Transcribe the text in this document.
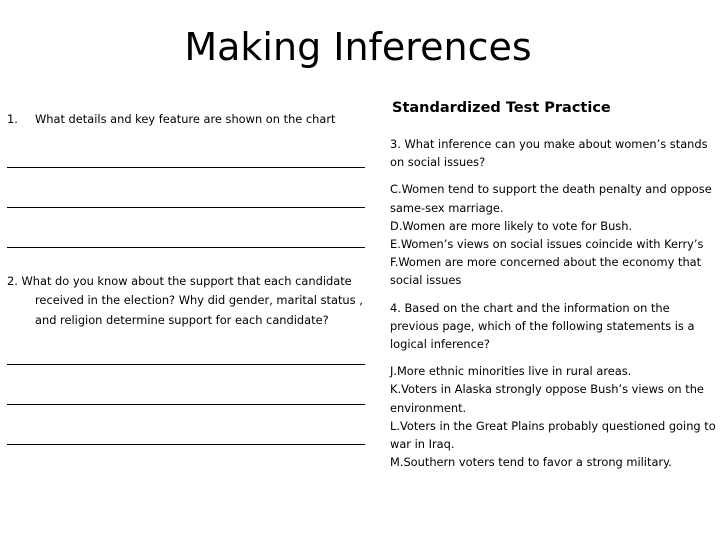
Making Inferences
1.	What details and key feature are shown on the chart
2. What do you know about the support that each candidate received in the election? Why did gender, marital status , and religion determine support for each candidate?
Standardized Test Practice

3. What inference can you make about women’s stands on social issues?

C.Women tend to support the death penalty and oppose same-sex marriage.

D.Women are more likely to vote for Bush.

E.Women’s views on social issues coincide with Kerry’s

F.Women are more concerned about the economy that social issues

4. Based on the chart and the information on the previous page, which of the following statements is a logical inference?

J.More ethnic minorities live in rural areas.

K.Voters in Alaska strongly oppose Bush’s views on the environment.

L.Voters in the Great Plains probably questioned going to war in Iraq.

M.Southern voters tend to favor a strong military.
